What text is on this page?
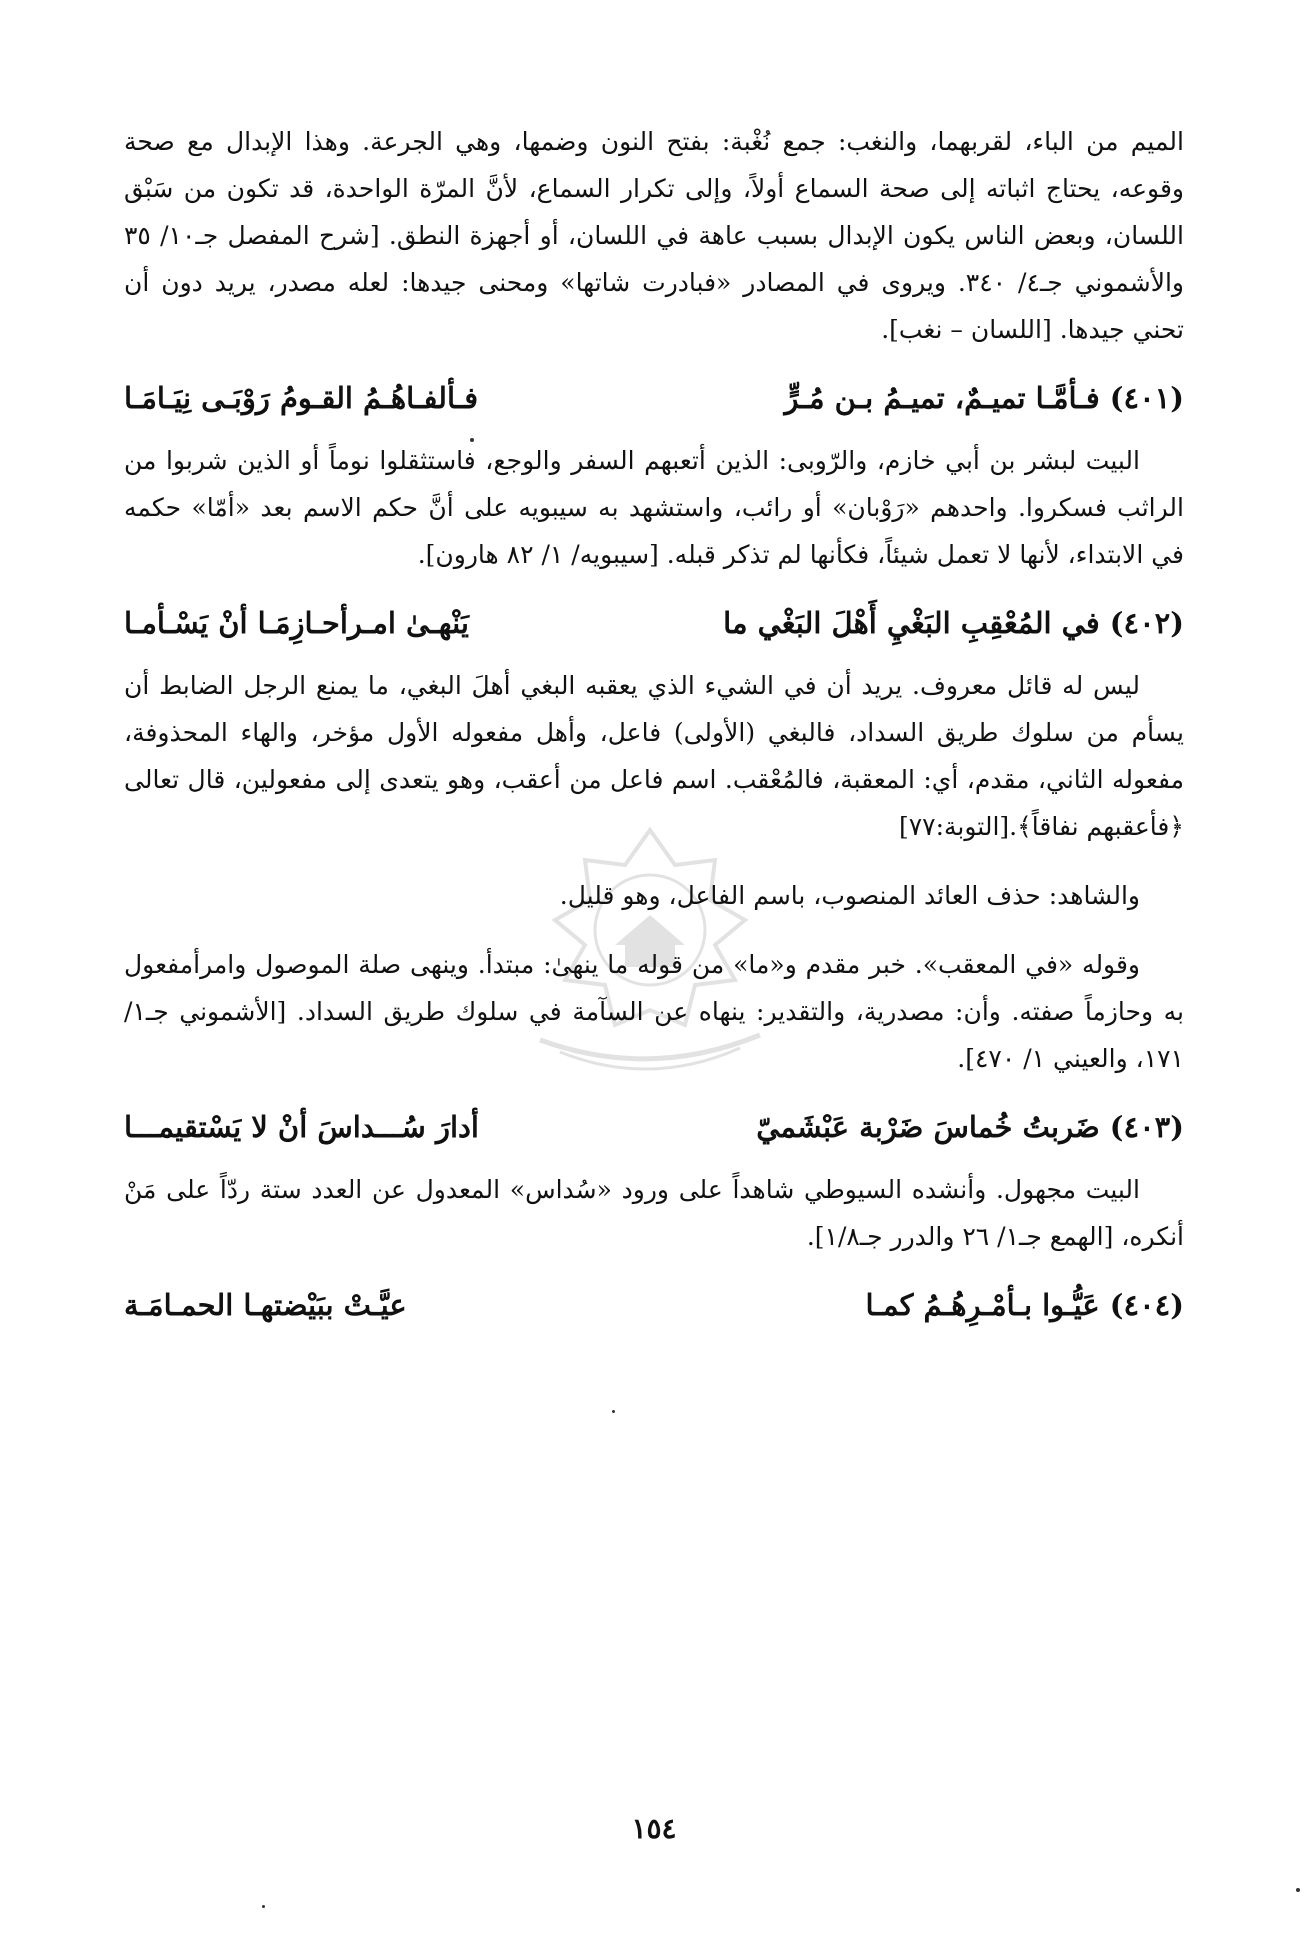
الميم من الباء، لقربهما، والنغب: جمع نُغْبة: بفتح النون وضمها، وهي الجرعة. وهذا الإبدال مع صحة وقوعه، يحتاج اثباته إلى صحة السماع أولاً، وإلى تكرار السماع، لأنَّ المرّة الواحدة، قد تكون من سَبْق اللسان، وبعض الناس يكون الإبدال بسبب عاهة في اللسان، أو أجهزة النطق. [شرح المفصل جـ١٠/ ٣٥ والأشموني جـ٤/ ٣٤٠. ويروى في المصادر «فبادرت شاتها» ومحنى جيدها: لعله مصدر، يريد دون أن تحني جيدها. [اللسان – نغب].

(٤٠١) فـأمَّـا تميـمٌ، تميـمُ بـن مُـرٍّ
فـألفـاهُـمُ القـومُ رَوْبَـى نِيَـامَـا

البيت لبشر بن أبي خازم، والرّوبى: الذين أتعبهم السفر والوجع، فاستثقلوا نوماً أو الذين شربوا من الراثب فسكروا. واحدهم «رَوْبان» أو رائب، واستشهد به سيبويه على أنَّ حكم الاسم بعد «أمّا» حكمه في الابتداء، لأنها لا تعمل شيئاً، فكأنها لم تذكر قبله. [سيبويه/ ١/ ٨٢ هارون].

(٤٠٢) في المُعْقِبِ البَغْيِ أَهْلَ البَغْي ما
يَنْهـىٰ امـرأحـازِمَـا أنْ يَسْـأمـا

ليس له قائل معروف. يريد أن في الشيء الذي يعقبه البغي أهلَ البغي، ما يمنع الرجل الضابط أن يسأم من سلوك طريق السداد، فالبغي (الأولى) فاعل، وأهل مفعوله الأول مؤخر، والهاء المحذوفة، مفعوله الثاني، مقدم، أي: المعقبة، فالمُعْقب. اسم فاعل من أعقب، وهو يتعدى إلى مفعولين، قال تعالى ﴿فأعقبهم نفاقاً﴾.[التوبة:٧٧]

والشاهد: حذف العائد المنصوب، باسم الفاعل، وهو قليل.

وقوله «في المعقب». خبر مقدم و«ما» من قوله ما ينهىٰ: مبتدأ. وينهى صلة الموصول وامرأمفعول به وحازماً صفته. وأن: مصدرية، والتقدير: ينهاه عن السآمة في سلوك طريق السداد. [الأشموني جـ١/ ١٧١، والعيني ١/ ٤٧٠].

(٤٠٣) ضَربتُ خُماسَ ضَرْبة عَبْشَميّ
أدارَ سُـــداسَ أنْ لا يَسْتقيمـــا

البيت مجهول. وأنشده السيوطي شاهداً على ورود «سُداس» المعدول عن العدد ستة ردّاً على مَنْ أنكره، [الهمع جـ١/ ٢٦ والدرر جـ١/٨].

(٤٠٤) عَيُّـوا بـأمْـرِهُـمُ كمـا
عيَّـتْ ببَيْضتهـا الحمـامَـة
١٥٤
